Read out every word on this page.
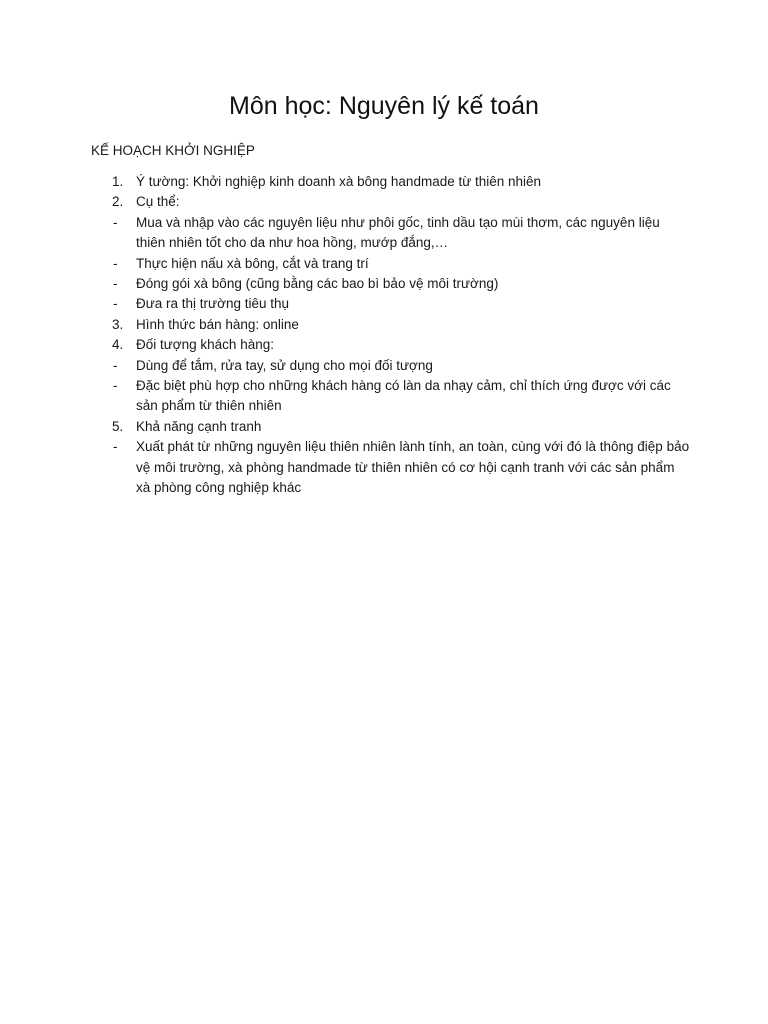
Môn học: Nguyên lý kế toán

KẾ HOẠCH KHỞI NGHIỆP

1. Ý tường: Khởi nghiệp kinh doanh xà bông handmade từ thiên nhiên
2. Cụ thể:
-	Mua và nhập vào các nguyên liệu như phôi gốc, tinh dầu tạo mùi thơm, các nguyên liệu thiên nhiên tốt cho da như hoa hồng, mướp đắng,…
-	Thực hiện nấu xà bông, cắt và trang trí
-	Đóng gói xà bông (cũng bằng các bao bì bảo vệ môi trường)
-	Đưa ra thị trường tiêu thụ
3. Hình thức bán hàng: online
4. Đối tượng khách hàng:
-	Dùng để tắm, rửa tay, sử dụng cho mọi đối tượng
-	Đặc biệt phù hợp cho những khách hàng có làn da nhạy cảm, chỉ thích ứng được với các sản phẩm từ thiên nhiên
5. Khả năng cạnh tranh
-	Xuất phát từ những nguyên liệu thiên nhiên lành tính, an toàn, cùng với đó là thông điệp bảo vệ môi trường, xà phòng handmade từ thiên nhiên có cơ hội cạnh tranh với các sản phẩm xà phòng công nghiệp khác
